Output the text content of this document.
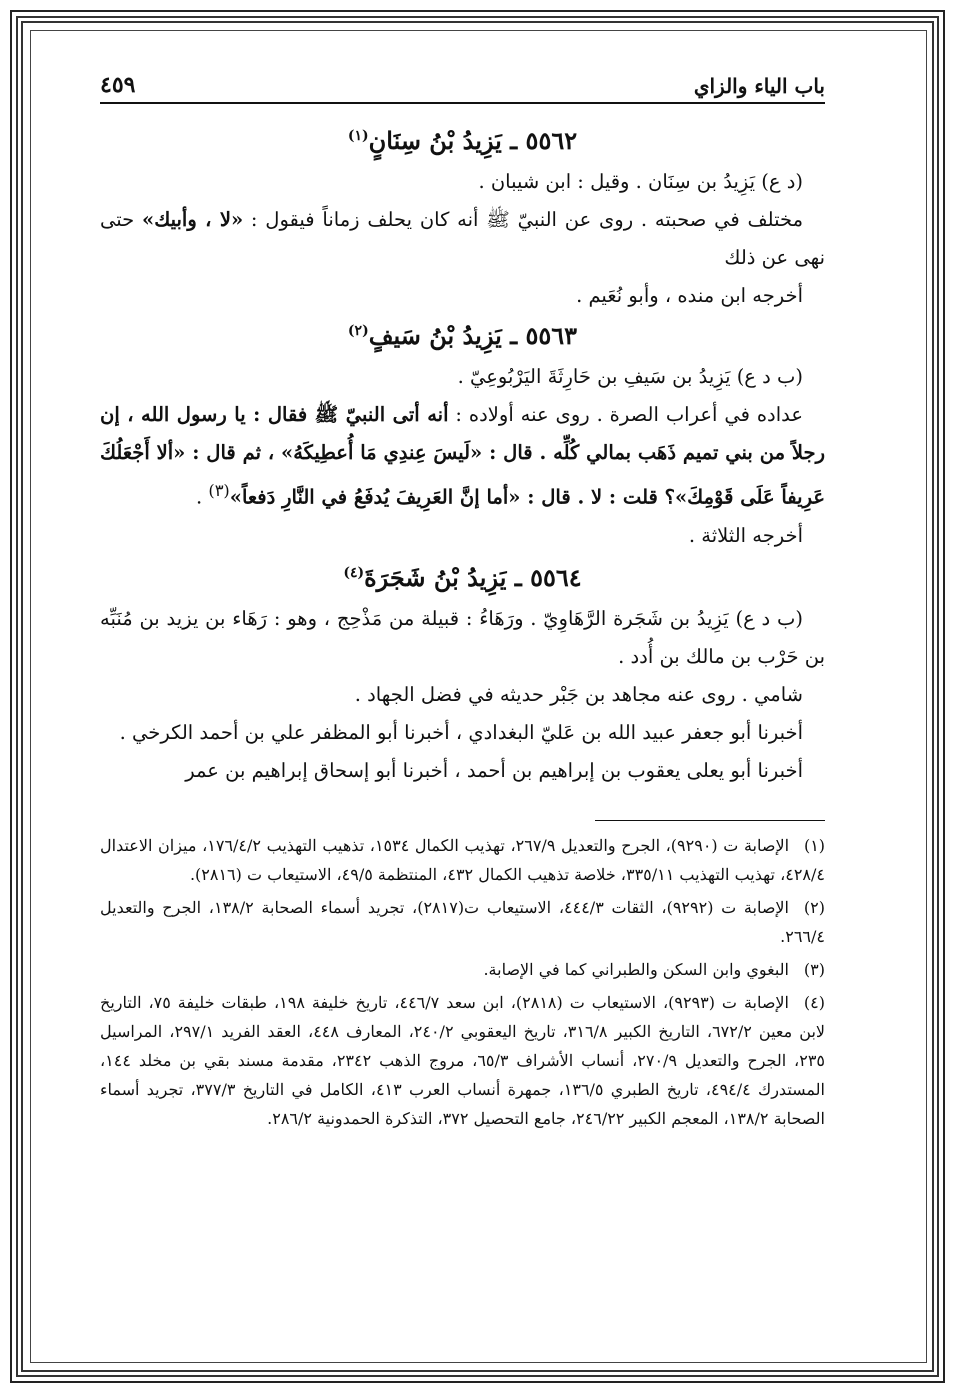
باب الياء والزاي
٤٥٩
٥٥٦٢ ـ يَزِيدُ بْنُ سِنَانٍ$^{(١)}$

(د ع) يَزِيدُ بن سِنَان . وقيل : ابن شيبان .

مختلف في صحبته . روى عن النبيّ ﷺ أنه كان يحلف زماناً فيقول : «لا ، وأبيك» حتى نهى عن ذلك

أخرجه ابن منده ، وأبو نُعَيم .

٥٥٦٣ ـ يَزِيدُ بْنُ سَيفٍ$^{(٢)}$

(ب د ع) يَزِيدُ بن سَيفِ بن حَارِثَةَ اليَرْبُوعِيّ .

عداده في أعراب الصرة . روى عنه أولاده : أنه أتى النبيّ ﷺ فقال : يا رسول الله ، إن رجلاً من بني تميم ذَهَب بمالي كُلِّه . قال : «لَيسَ عِندِي مَا أُعطِيكَهُ» ، ثم قال : «ألا أَجْعَلُكَ عَرِيفاً عَلَى قَوْمِكَ»؟ قلت : لا . قال : «أما إنَّ العَرِيفَ يُدفَعُ في النَّارِ دَفعاً»$^{(٣)}$ .

أخرجه الثلاثة .

٥٥٦٤ ـ يَزِيدُ بْنُ شَجَرَةَ$^{(٤)}$

(ب د ع) يَزِيدُ بن شَجَرة الرَّهَاوِيّ . ورَهَاءُ : قبيلة من مَذْحِج ، وهو : رَهَاء بن يزيد بن مُنَبِّه بن حَرْب بن مالك بن أُدد .

شامي . روى عنه مجاهد بن جَبْر حديثه في فضل الجهاد .

أخبرنا أبو جعفر عبيد الله بن عَليّ البغدادي ، أخبرنا أبو المظفر علي بن أحمد الكرخي .

أخبرنا أبو يعلى يعقوب بن إبراهيم بن أحمد ، أخبرنا أبو إسحاق إبراهيم بن عمر

(١)الإصابة ت (٩٢٩٠)، الجرح والتعديل ٢٦٧/٩، تهذيب الكمال ١٥٣٤، تذهيب التهذيب ١٧٦/٤/٢، ميزان الاعتدال ٤٢٨/٤، تهذيب التهذيب ٣٣٥/١١، خلاصة تذهيب الكمال ٤٣٢، المنتظمة ٤٩/٥، الاستيعاب ت (٢٨١٦).

(٢)الإصابة ت (٩٢٩٢)، الثقات ٤٤٤/٣، الاستيعاب ت(٢٨١٧)، تجريد أسماء الصحابة ١٣٨/٢، الجرح والتعديل ٢٦٦/٤.

(٣)البغوي وابن السكن والطبراني كما في الإصابة.

(٤)الإصابة ت (٩٢٩٣)، الاستيعاب ت (٢٨١٨)، ابن سعد ٤٤٦/٧، تاريخ خليفة ١٩٨، طبقات خليفة ٧٥، التاريخ لابن معين ٦٧٢/٢، التاريخ الكبير ٣١٦/٨، تاريخ اليعقوبي ٢٤٠/٢، المعارف ٤٤٨، العقد الفريد ٢٩٧/١، المراسيل ٢٣٥، الجرح والتعديل ٢٧٠/٩، أنساب الأشراف ٦٥/٣، مروج الذهب ٢٣٤٢، مقدمة مسند بقي بن مخلد ١٤٤، المستدرك ٤٩٤/٤، تاريخ الطبري ١٣٦/٥، جمهرة أنساب العرب ٤١٣، الكامل في التاريخ ٣٧٧/٣، تجريد أسماء الصحابة ١٣٨/٢، المعجم الكبير ٢٤٦/٢٢، جامع التحصيل ٣٧٢، التذكرة الحمدونية ٢٨٦/٢.
